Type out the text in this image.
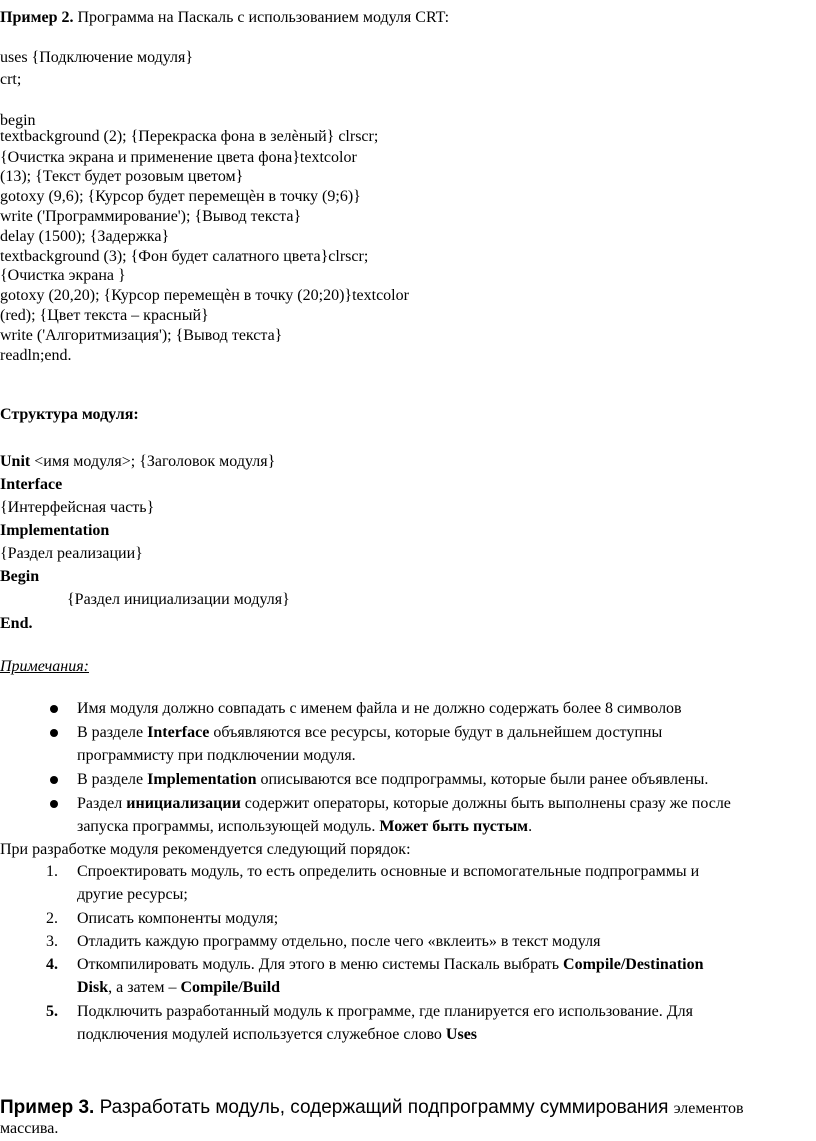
Пример 2. Программа на Паскаль с использованием модуля CRT:
uses {Подключение модуля}
crt;
begin
textbackground (2); {Перекраска фона в зелѐный} clrscr;
{Очистка экрана и применение цвета фона}textcolor
(13); {Текст будет розовым цветом}
gotoxy (9,6); {Курсор будет перемещѐн в точку (9;6)}
write ('Программирование'); {Вывод текста}
delay (1500); {Задержка}
textbackground (3); {Фон будет салатного цвета}clrscr;
{Очистка экрана }
gotoxy (20,20); {Курсор перемещѐн в точку (20;20)}textcolor
(red); {Цвет текста – красный}
write ('Алгоритмизация'); {Вывод текста}
readln;end.
Структура модуля:
Unit <имя модуля>; {Заголовок модуля}
Interface
{Интерфейсная часть}
Implementation
{Раздел реализации}
Begin
{Раздел инициализации модуля}
End.
Примечания:
Имя модуля должно совпадать с именем файла и не должно содержать более 8 символов
В разделе Interface объявляются все ресурсы, которые будут в дальнейшем доступны
программисту при подключении модуля.
В разделе Implementation описываются все подпрограммы, которые были ранее объявлены.
Раздел инициализации содержит операторы, которые должны быть выполнены сразу же после
запуска программы, использующей модуль. Может быть пустым.
При разработке модуля рекомендуется следующий порядок:
1. Спроектировать модуль, то есть определить основные и вспомогательные подпрограммы и
другие ресурсы;
2. Описать компоненты модуля;
3. Отладить каждую программу отдельно, после чего «вклеить» в текст модуля
4. Откомпилировать модуль. Для этого в меню системы Паскаль выбрать Compile/Destination
Disk, а затем – Compile/Build
5. Подключить разработанный модуль к программе, где планируется его использование. Для
подключения модулей используется служебное слово Uses
Пример 3. Разработать модуль, содержащий подпрограмму суммирования элементов
массива.
